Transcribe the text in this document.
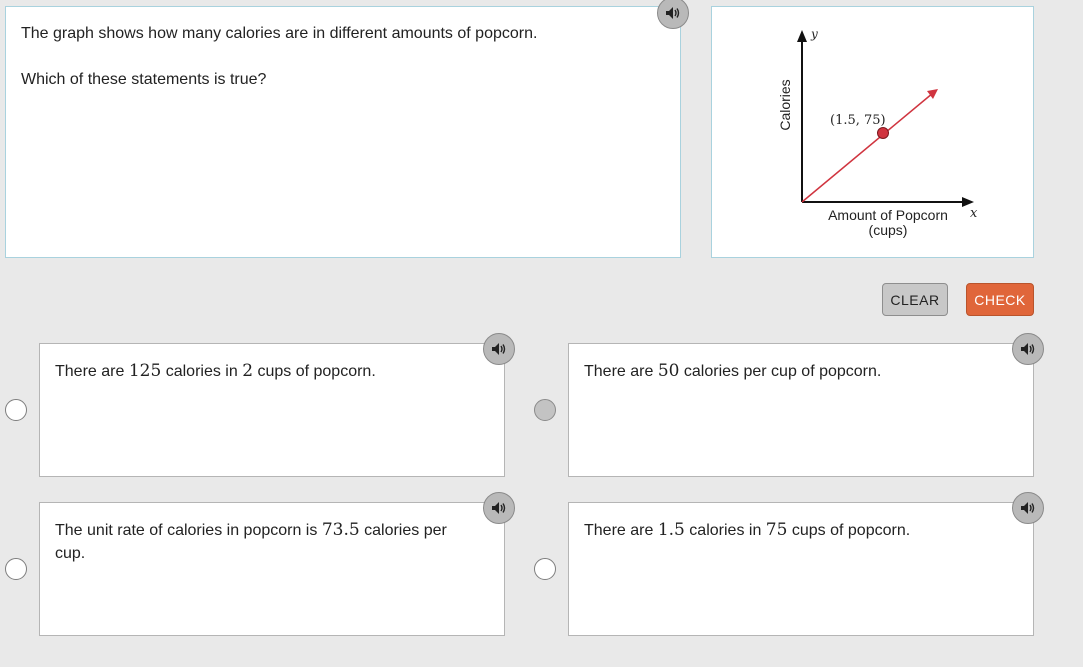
The graph shows how many calories are in different amounts of popcorn.
Which of these statements is true?
(1.5, 75)
y
x
Calories
Amount of Popcorn
(cups)
CLEAR	CHECK
There are 125 calories in 2 cups of popcorn.	There are 50 calories per cup of popcorn.
The unit rate of calories in popcorn is 73.5 calories per cup.
There are 1.5 calories in 75 cups of popcorn.
